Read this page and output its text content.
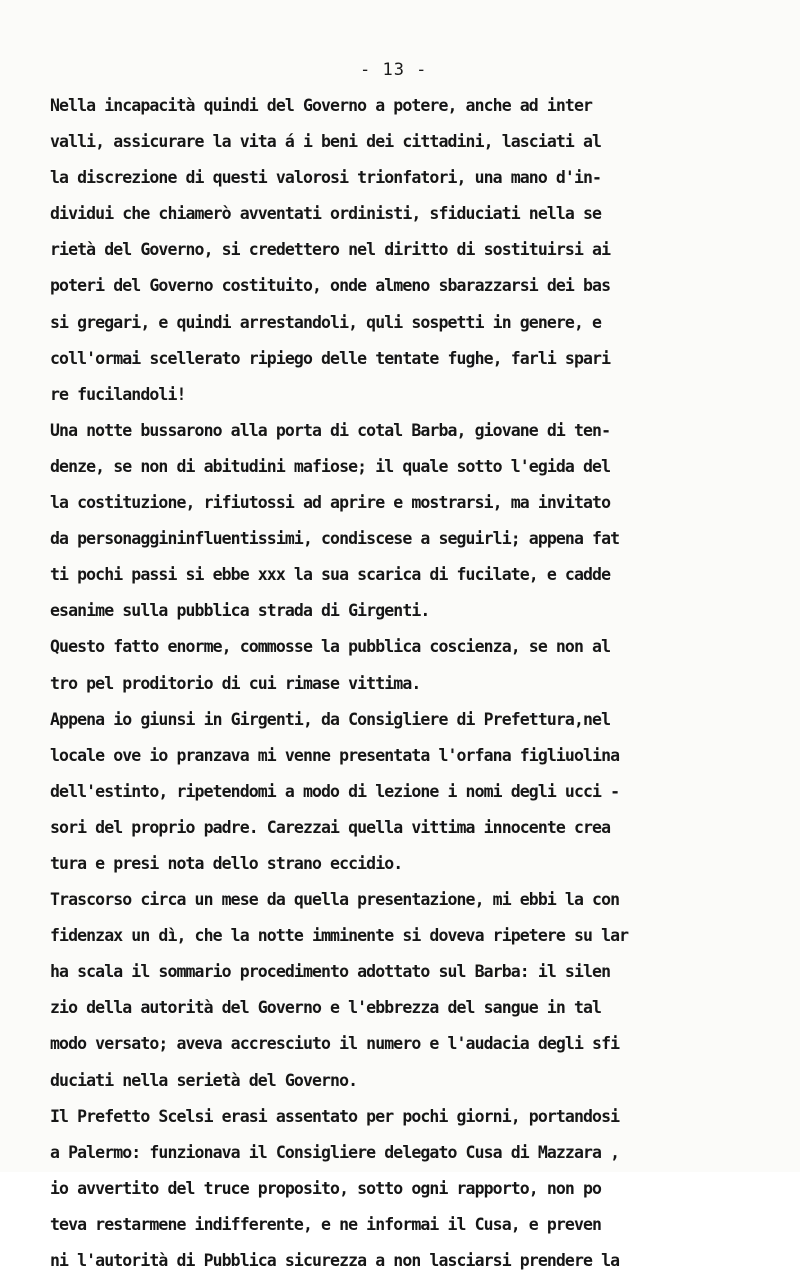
- 13 -
Nella incapacità quindi del Governo a potere, anche ad inter
valli, assicurare la vita á i beni dei cittadini, lasciati al
la discrezione di questi valorosi trionfatori, una mano d'in-
dividui che chiamerò avventati ordinisti, sfiduciati nella se
rietà del Governo, si credettero nel diritto di sostituirsi ai
poteri del Governo costituito, onde almeno sbarazzarsi dei bas
si gregari, e quindi arrestandoli, quli sospetti in genere, e
coll'ormai scellerato ripiego delle tentate fughe, farli spari
re fucilandoli!
Una notte bussarono alla porta di cotal Barba, giovane di ten-
denze, se non di abitudini mafiose; il quale sotto l'egida del
la costituzione, rifiutossi ad aprire e mostrarsi, ma invitato
da personaggininfluentissimi, condiscese a seguirli; appena fat
ti pochi passi si ebbe xxx la sua scarica di fucilate, e cadde
esanime sulla pubblica strada di Girgenti.
Questo fatto enorme, commosse la pubblica coscienza, se non al
tro pel proditorio di cui rimase vittima.
Appena io giunsi in Girgenti, da Consigliere di Prefettura,nel
locale ove io pranzava mi venne presentata l'orfana figliuolina
dell'estinto, ripetendomi a modo di lezione i nomi degli ucci -
sori del proprio padre. Carezzai quella vittima innocente crea
tura e presi nota dello strano eccidio.
Trascorso circa un mese da quella presentazione, mi ebbi la con
fidenzax un dì, che la notte imminente si doveva ripetere su lar
ha scala il sommario procedimento adottato sul Barba: il silen
zio della autorità del Governo e l'ebbrezza del sangue in tal
modo versato; aveva accresciuto il numero e l'audacia degli sfi
duciati nella serietà del Governo.
Il Prefetto Scelsi erasi assentato per pochi giorni, portandosi
a Palermo: funzionava il Consigliere delegato Cusa di Mazzara ,
io avvertito del truce proposito, sotto ogni rapporto, non po
teva restarmene indifferente, e ne informai il Cusa, e preven
ni l'autorità di Pubblica sicurezza a non lasciarsi prendere la
